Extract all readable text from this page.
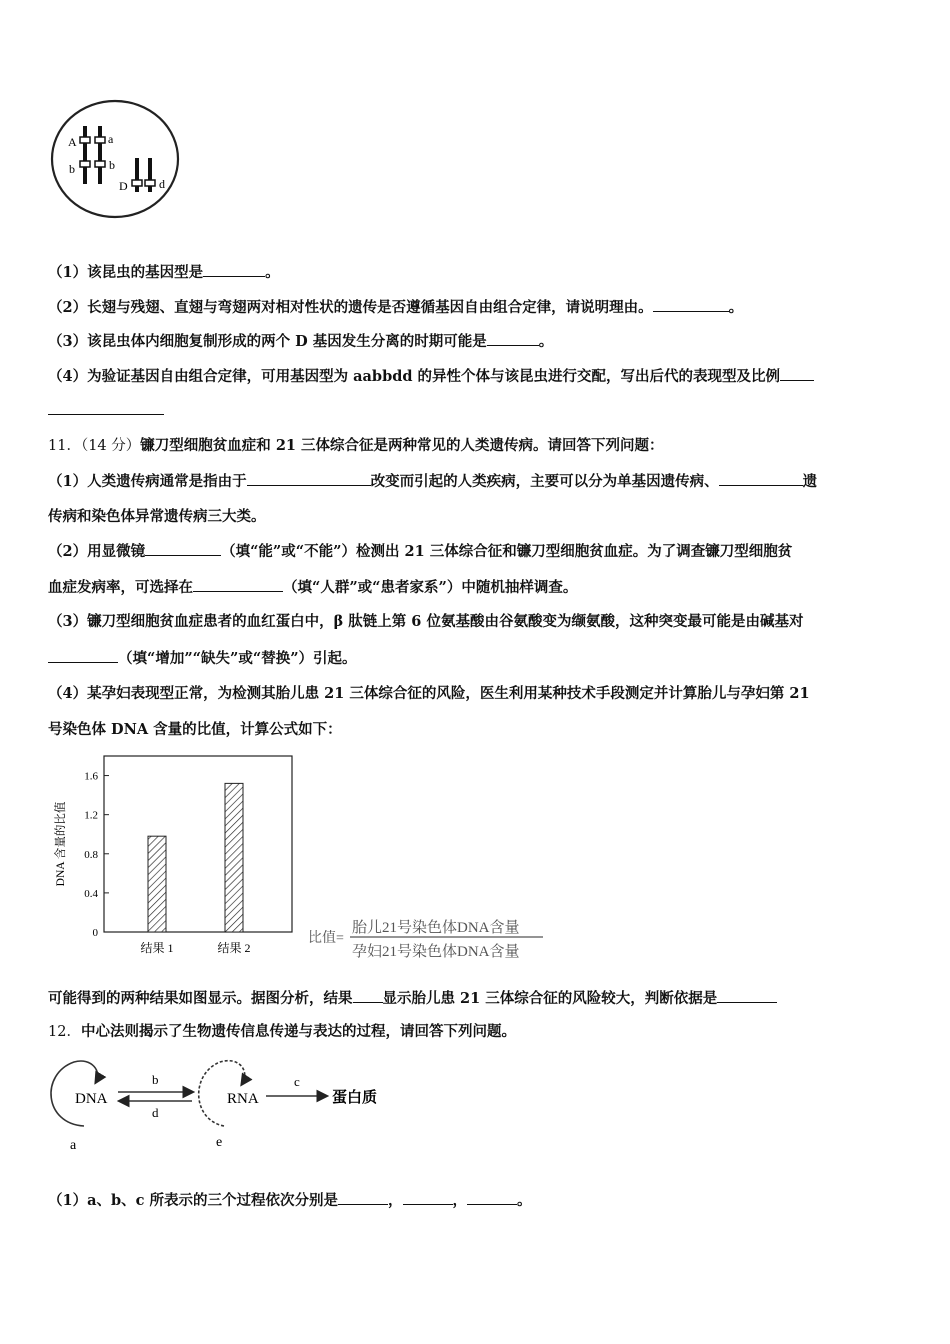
A	a
b	b
D	d
（1）该昆虫的基因型是	。
（2）长翅与残翅、直翅与弯翅两对相对性状的遗传是否遵循基因自由组合定律，请说明理由。	。
（3）该昆虫体内细胞复制形成的两个 D 基因发生分离的时期可能是	。
（4）为验证基因自由组合定律，可用基因型为 aabbdd 的异性个体与该昆虫进行交配，写出后代的表现型及比例
11．（14 分）镰刀型细胞贫血症和 21 三体综合征是两种常见的人类遗传病。请回答下列问题：
（1）人类遗传病通常是指由于	改变而引起的人类疾病，主要可以分为单基因遗传病、	遗
传病和染色体异常遗传病三大类。
（2）用显微镜	（填“能”或“不能”）检测出 21 三体综合征和镰刀型细胞贫血症。为了调查镰刀型细胞贫
血症发病率，可选择在	（填“人群”或“患者家系”）中随机抽样调查。
（3）镰刀型细胞贫血症患者的血红蛋白中，β 肽链上第 6 位氨基酸由谷氨酸变为缬氨酸，这种突变最可能是由碱基对
（填“增加”“缺失”或“替换”）引起。
（4）某孕妇表现型正常，为检测其胎儿患 21 三体综合征的风险，医生利用某种技术手段测定并计算胎儿与孕妇第 21
号染色体 DNA 含量的比值，计算公式如下：
DNA 含量的比值
0
0.4
0.8
1.2
1.6
结果 1	结果 2
比值=
胎儿21号染色体DNA含量
孕妇21号染色体DNA含量
可能得到的两种结果如图显示。据图分析，结果 显示胎儿患 21 三体综合征的风险较大，判断依据是
12．中心法则揭示了生物遗传信息传递与表达的过程，请回答下列问题。
DNA
a
b
d
RNA
e
c
蛋白质
（1）a、b、c 所表示的三个过程依次分别是	，	，	。
